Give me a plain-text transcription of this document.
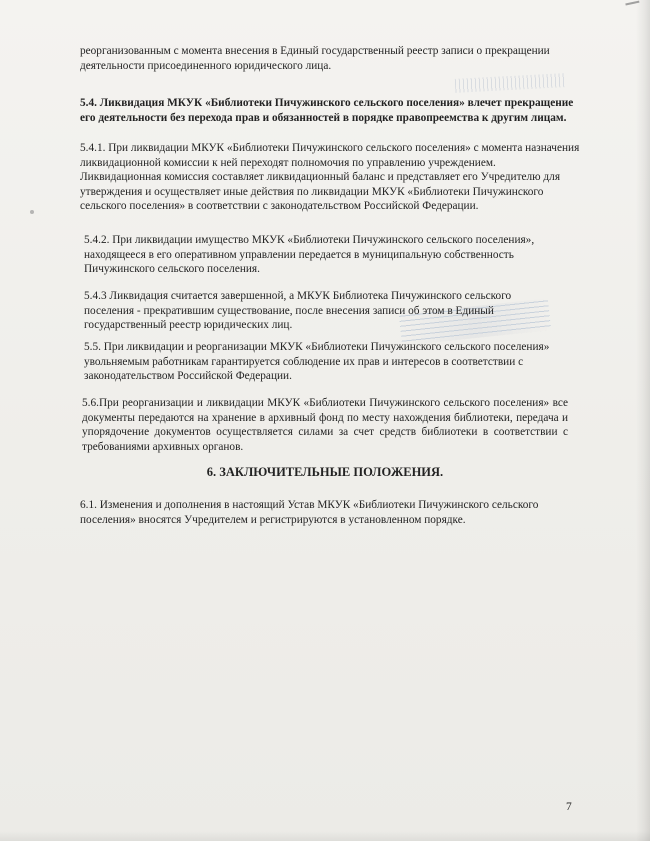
реорганизованным с момента внесения в Единый государственный реестр записи о прекращении деятельности присоединенного юридического лица.

5.4. Ликвидация МКУК «Библиотеки Пичужинского сельского поселения» влечет прекращение его деятельности без перехода прав и обязанностей в порядке правопреемства к другим лицам.

5.4.1. При ликвидации МКУК «Библиотеки Пичужинского сельского поселения» с момента назначения ликвидационной комиссии к ней переходят полномочия по управлению учреждением. Ликвидационная комиссия составляет ликвидационный баланс и представляет его Учредителю для утверждения и осуществляет иные действия по ликвидации МКУК «Библиотеки Пичужинского сельского поселения» в соответствии с законодательством Российской Федерации.

5.4.2. При ликвидации имущество МКУК «Библиотеки Пичужинского сельского поселения», находящееся в его оперативном управлении передается в муниципальную собственность Пичужинского сельского поселения.

5.4.3 Ликвидация считается завершенной, а МКУК Библиотека Пичужинского сельского поселения - прекратившим существование, после внесения записи об этом в Единый государственный реестр юридических лиц.

5.5. При ликвидации и реорганизации МКУК «Библиотеки Пичужинского сельского поселения» увольняемым работникам гарантируется соблюдение их прав и интересов в соответствии с законодательством Российской Федерации.

5.6.При реорганизации и ликвидации МКУК «Библиотеки Пичужинского сельского поселения» все документы передаются на хранение в архивный фонд по месту нахождения библиотеки, передача и упорядочение документов осуществляется силами за счет средств библиотеки в соответствии с требованиями архивных органов.

6. ЗАКЛЮЧИТЕЛЬНЫЕ ПОЛОЖЕНИЯ.

6.1. Изменения и дополнения в настоящий Устав МКУК «Библиотеки Пичужинского сельского поселения» вносятся Учредителем и регистрируются в установленном порядке.

7
